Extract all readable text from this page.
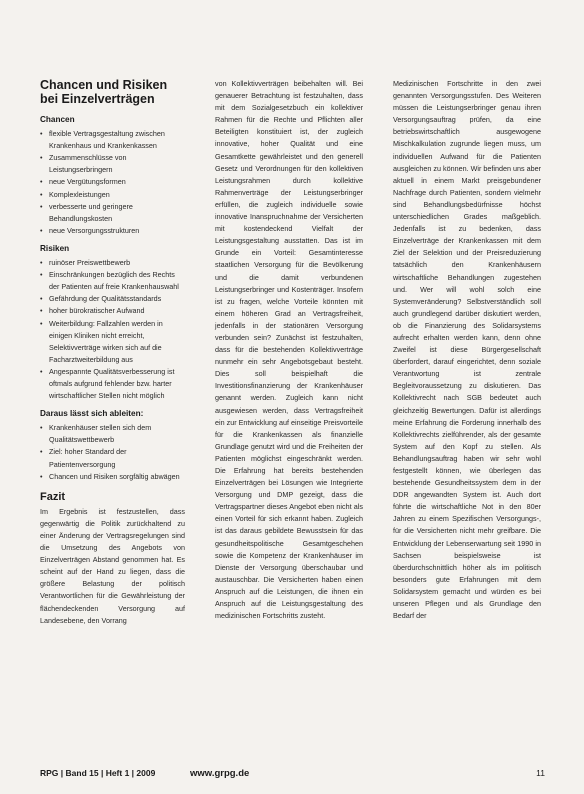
Chancen und Risiken bei Einzelverträgen
Chancen
• flexible Vertragsgestaltung zwischen Krankenhaus und Krankenkassen
• Zusammenschlüsse von Leistungserbringern
• neue Vergütungsformen
• Komplexleistungen
• verbesserte und geringere Behandlungskosten
• neue Versorgungsstrukturen
Risiken
• ruinöser Preiswettbewerb
• Einschränkungen bezüglich des Rechts der Patienten auf freie Krankenhauswahl
• Gefährdung der Qualitätsstandards
• hoher bürokratischer Aufwand
• Weiterbildung: Fallzahlen werden in einigen Kliniken nicht erreicht, Selektivverträge wirken sich auf die Facharztweiterbildung aus
• Angespannte Qualitätsverbesserung ist oftmals aufgrund fehlender bzw. harter wirtschaftlicher Stellen nicht möglich
Daraus lässt sich ableiten:
• Krankenhäuser stellen sich dem Qualitätswettbewerb
• Ziel: hoher Standard der Patientenversorgung
• Chancen und Risiken sorgfältig abwägen
Fazit

Im Ergebnis ist festzustellen, dass gegenwärtig die Politik zurückhaltend zu einer Änderung der Vertragsregelungen sind die Umsetzung des Angebots von Einzelverträgen Abstand genommen hat. Es scheint auf der Hand zu liegen, dass die größere Belastung der politisch Verantwortlichen für die Gewährleistung der flächendeckenden Versorgung auf Landesebene, den Vorrang

von Kollektivverträgen beibehalten will. Bei genauerer Betrachtung ist festzuhalten, dass mit dem Sozialgesetzbuch ein kollektiver Rahmen für die Rechte und Pflichten aller Beteiligten konstituiert ist, der zugleich innovative, hoher Qualität und eine Gesamtkette gewährleistet und den generell Gesetz und Verordnungen für den kollektiven Leistungsrahmen durch kollektive Rahmenverträge der Leistungserbringer erfüllen, die zugleich individuelle sowie innovative Inanspruchnahme der Versicherten mit kostendeckend Vielfalt der Leistungsgestaltung ausstatten. Das ist im Grunde ein Vorteil: Gesamtinteresse staatlichen Versorgung für die Bevölkerung und die damit verbundenen Leistungserbringer und Kostenträger. Insofern ist zu fragen, welche Vorteile könnten mit einem höheren Grad an Vertragsfreiheit, jedenfalls in der stationären Versorgung verbunden sein? Zunächst ist festzuhalten, dass für die bestehenden Kollektivverträge nunmehr ein sehr Angebotsgebaut besteht. Dies soll beispielhaft die Investitionsfinanzierung der Krankenhäuser genannt werden. Zugleich kann nicht ausgewiesen werden, dass Vertragsfreiheit ein zur Entwicklung auf einseitige Preisvorteile für die Krankenkassen als finanzielle Grundlage genutzt wird und die Freiheiten der Patienten möglichst eingeschränkt werden. Die Erfahrung hat bereits bestehenden Einzelverträgen bei Lösungen wie Integrierte Versorgung und DMP gezeigt, dass die Vertragspartner dieses Angebot eben nicht als einen Vorteil für sich erkannt haben. Zugleich ist das daraus gebildete Bewusstsein für das gesundheitspolitische Gesamtgeschehen sowie die Kompetenz der Krankenhäuser im Dienste der Versorgung überschaubar und austauschbar. Die Versicherten haben einen Anspruch auf die Leistungen, die ihnen ein Anspruch auf die Leistungsgestaltung des medizinischen Fortschritts zusteht.

Medizinischen Fortschritte in den zwei genannten Versorgungsstufen. Des Weiteren müssen die Leistungserbringer genau ihren Versorgungsauftrag prüfen, da eine betriebswirtschaftlich ausgewogene Mischkalkulation zugrunde liegen muss, um individuellen Aufwand für die Patienten ausgleichen zu können. Wir befinden uns aber aktuell in einem Markt preisgebundener Nachfrage durch Patienten, sondern vielmehr sind Behandlungsbedürfnisse höchst unterschiedlichen Grades maßgeblich. Jedenfalls ist zu bedenken, dass Einzelverträge der Krankenkassen mit dem Ziel der Selektion und der Preisreduzierung tatsächlich den Krankenhäusern wirtschaftliche Behandlungen zugestehen und. Wer will wohl solch eine Systemveränderung? Selbstverständlich soll auch grundlegend darüber diskutiert werden, ob die Finanzierung des Solidarsystems aufrecht erhalten werden kann, denn ohne Zweifel ist diese Bürgergesellschaft überfordert, darauf eingerichtet, denn soziale Verantwortung ist zentrale Begleitvoraussetzung zu diskutieren. Das Kollektivrecht nach SGB bedeutet auch gleichzeitig Bewertungen. Dafür ist allerdings meine Erfahrung die Forderung innerhalb des Kollektivrechts zielführender, als der gesamte System auf den Kopf zu stellen. Als Behandlungsauftrag haben wir sehr wohl festgestellt können, wie überlegen das bestehende Gesundheitssystem dem in der DDR angewandten System ist. Auch dort führte die wirtschaftliche Not in den 80er Jahren zu einem Spezifischen Versorgungs-, für die Versicherten nicht mehr greifbare. Die Entwicklung der Lebenserwartung seit 1990 in Sachsen beispielsweise ist überdurchschnittlich höher als im politisch besonders gute Erfahrungen mit dem Solidarsystem gemacht und würden es bei unseren Pflegen und als Grundlage den Bedarf der

RPG | Band 15 | Heft 1 | 2009	www.grpg.de	11
